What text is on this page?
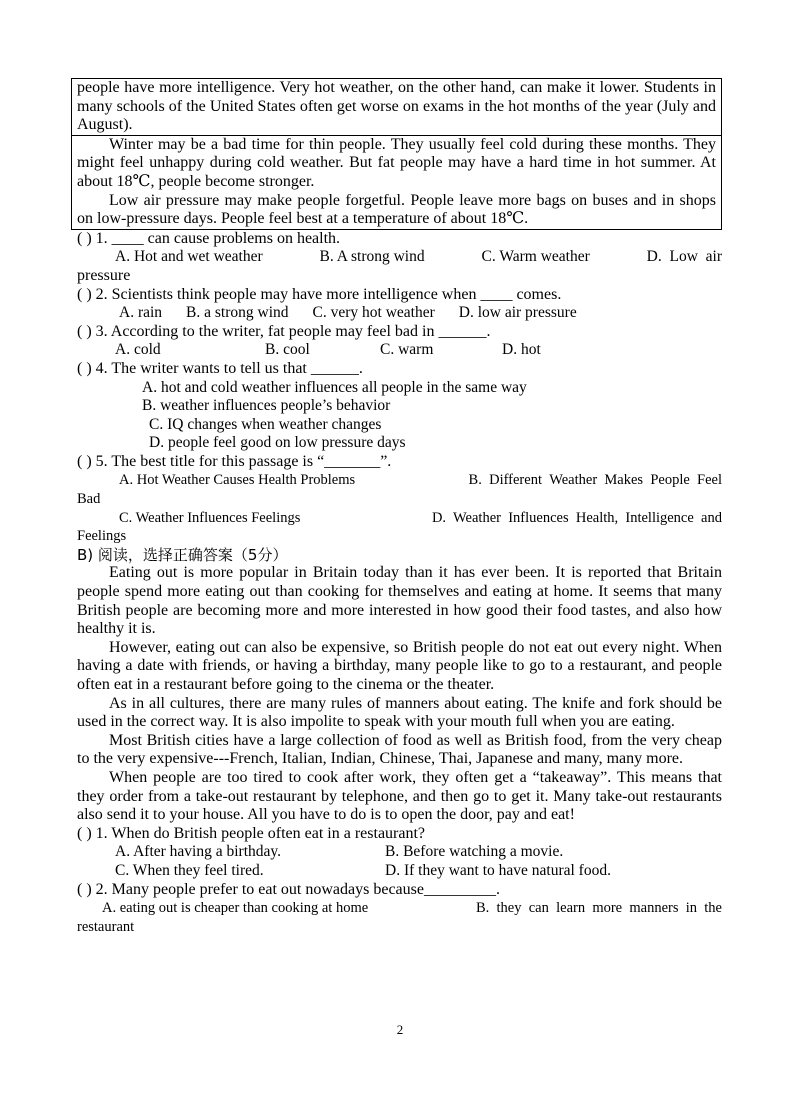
people have more intelligence. Very hot weather, on the other hand, can make it lower. Students in many schools of the United States often get worse on exams in the hot months of the year (July and August).

Winter may be a bad time for thin people. They usually feel cold during these months. They might feel unhappy during cold weather. But fat people may have a hard time in hot summer. At about 18℃, people become stronger.

Low air pressure may make people forgetful. People leave more bags on buses and in shops on low-pressure days. People feel best at a temperature of about 18℃.

( ) 1. ____ can cause problems on health.
A. Hot and wet weather	B. A strong wind	C. Warm weather	D.  Low  air
pressure
( ) 2. Scientists think people may have more intelligence when ____ comes.
A. rain B. a strong wind C. very hot weather D. low air pressure
( ) 3. According to the writer, fat people may feel bad in ______.
A. cold	B. cool	C. warm	D. hot
( ) 4. The writer wants to tell us that ______.
A. hot and cold weather influences all people in the same way
B. weather influences people’s behavior
C. IQ changes when weather changes
D. people feel good on low pressure days
( ) 5. The best title for this passage is “_______”.
A. Hot Weather Causes Health Problems	B.  Different  Weather  Makes  People  Feel
Bad
C. Weather Influences Feelings	D.  Weather  Influences  Health,  Intelligence  and
Feelings
B) 阅读，选择正确答案（5分）

Eating out is more popular in Britain today than it has ever been. It is reported that Britain people spend more eating out than cooking for themselves and eating at home. It seems that many British people are becoming more and more interested in how good their food tastes, and also how healthy it is.

However, eating out can also be expensive, so British people do not eat out every night. When having a date with friends, or having a birthday, many people like to go to a restaurant, and people often eat in a restaurant before going to the cinema or the theater.

As in all cultures, there are many rules of manners about eating. The knife and fork should be used in the correct way. It is also impolite to speak with your mouth full when you are eating.

Most British cities have a large collection of food as well as British food, from the very cheap to the very expensive---French, Italian, Indian, Chinese, Thai, Japanese and many, many more.

When people are too tired to cook after work, they often get a “takeaway”. This means that they order from a take-out restaurant by telephone, and then go to get it. Many take-out restaurants also send it to your house. All you have to do is to open the door, pay and eat!

( ) 1. When do British people often eat in a restaurant?
A. After having a birthday.	B. Before watching a movie.
C. When they feel tired.	D. If they want to have natural food.
( ) 2. Many people prefer to eat out nowadays because_________.
A. eating out is cheaper than cooking at home	B.  they  can  learn  more  manners  in  the
restaurant
2
